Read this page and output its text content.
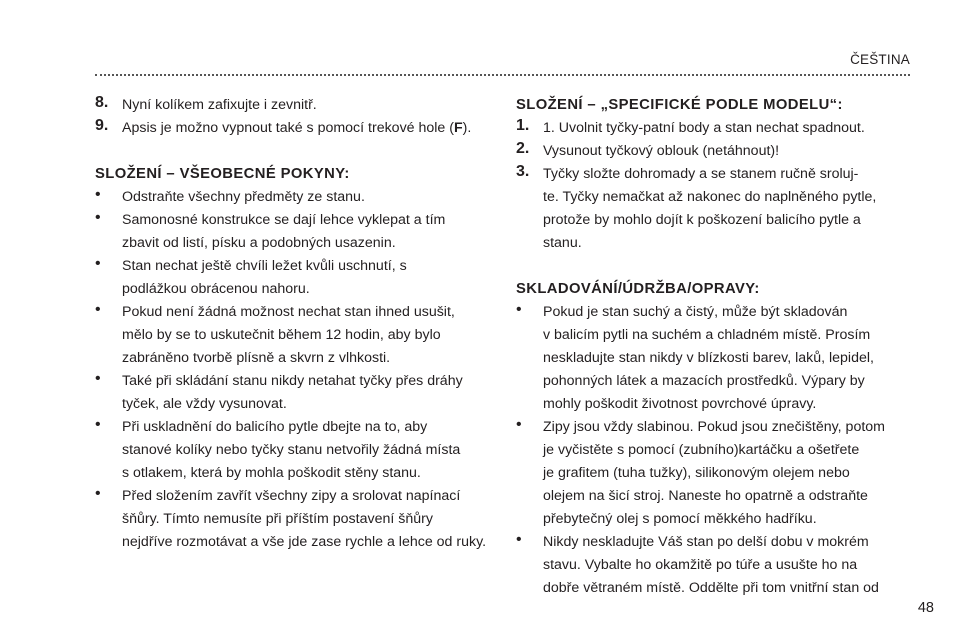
ČEŠTINA
8. Nyní kolíkem zafixujte i zevnitř.
9. Apsis je možno vypnout také s pomocí trekové hole (F).
SLOŽENÍ – VŠEOBECNÉ POKYNY:
•	Odstraňte všechny předměty ze stanu.
•	Samonosné konstrukce se dají lehce vyklepat a tím
zbavit od listí, písku a podobných usazenin.
•	Stan nechat ještě chvíli ležet kvůli uschnutí, s
podlážkou obrácenou nahoru.
•	Pokud není žádná možnost nechat stan ihned usušit,
mělo by se to uskutečnit během 12 hodin, aby bylo
zabráněno tvorbě plísně a skvrn z vlhkosti.
•	Také při skládání stanu nikdy netahat tyčky přes dráhy
tyček, ale vždy vysunovat.
•	Při uskladnění do balicího pytle dbejte na to, aby
stanové kolíky nebo tyčky stanu netvořily žádná místa
s otlakem, která by mohla poškodit stěny stanu.
•	Před složením zavřít všechny zipy a srolovat napínací
šňůry. Tímto nemusíte při příštím postavení šňůry
nejdříve rozmotávat a vše jde zase rychle a lehce od ruky.
SLOŽENÍ – „SPECIFICKÉ PODLE MODELU“:
1. 1. Uvolnit tyčky-patní body a stan nechat spadnout.
2. Vysunout tyčkový oblouk (netáhnout)!
3. Tyčky složte dohromady a se stanem ručně sroluj-
te. Tyčky nemačkat až nakonec do naplněného pytle,
protože by mohlo dojít k poškození balicího pytle a
stanu.
SKLADOVÁNÍ/ÚDRŽBA/OPRAVY:
•	Pokud je stan suchý a čistý, může být skladován
v balicím pytli na suchém a chladném místě. Prosím
neskladujte stan nikdy v blízkosti barev, laků, lepidel,
pohonných látek a mazacích prostředků. Výpary by
mohly poškodit životnost povrchové úpravy.
•	Zipy jsou vždy slabinou. Pokud jsou znečištěny, potom
je vyčistěte s pomocí (zubního)kartáčku a ošetřete
je grafitem (tuha tužky), silikonovým olejem nebo
olejem na šicí stroj. Naneste ho opatrně a odstraňte
přebytečný olej s pomocí měkkého hadříku.
•	Nikdy neskladujte Váš stan po delší dobu v mokrém
stavu. Vybalte ho okamžitě po túře a usušte ho na
dobře větraném místě. Oddělte při tom vnitřní stan od
48
